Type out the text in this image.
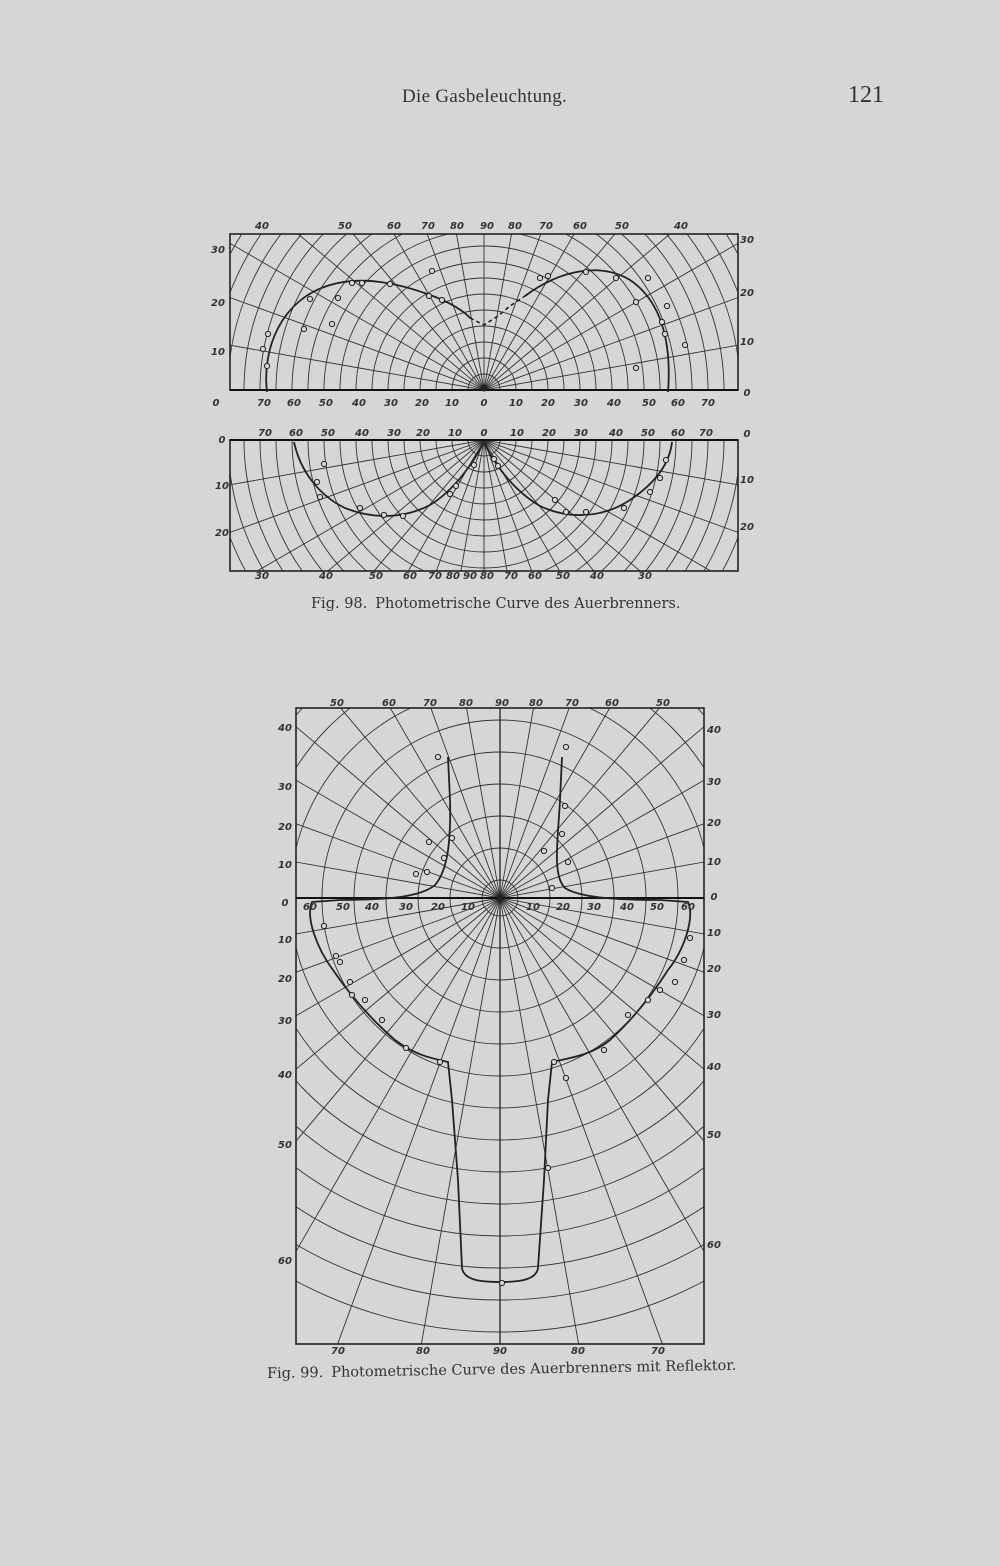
Die Gasbeleuchtung.	121
40	50	60 70 80 90 80 70 60	50	40
30
20
10
0
30
20
10
0
70 60 50 40 30 20 10 0 10 20 30 40 50 60 70
70 60 50 40 30 20 10 0 10 20 30 40 50 60 70
0
10
20
0
10
20
30	40	50 60 70 80 90 80 70 60 50 40	30
Fig. 98. Photometrische Curve des Auerbrenners.
50	60	70 80 90 80 70	60	50
40
30
20
10
0
10
20
30
40
50
60
40
30
20
10
0
10
20
30
40
50
60
60 50 40 30 20 10	10 20 30 40 50 60
70	80	90	80	70
Fig. 99. Photometrische Curve des Auerbrenners mit Reflektor.
